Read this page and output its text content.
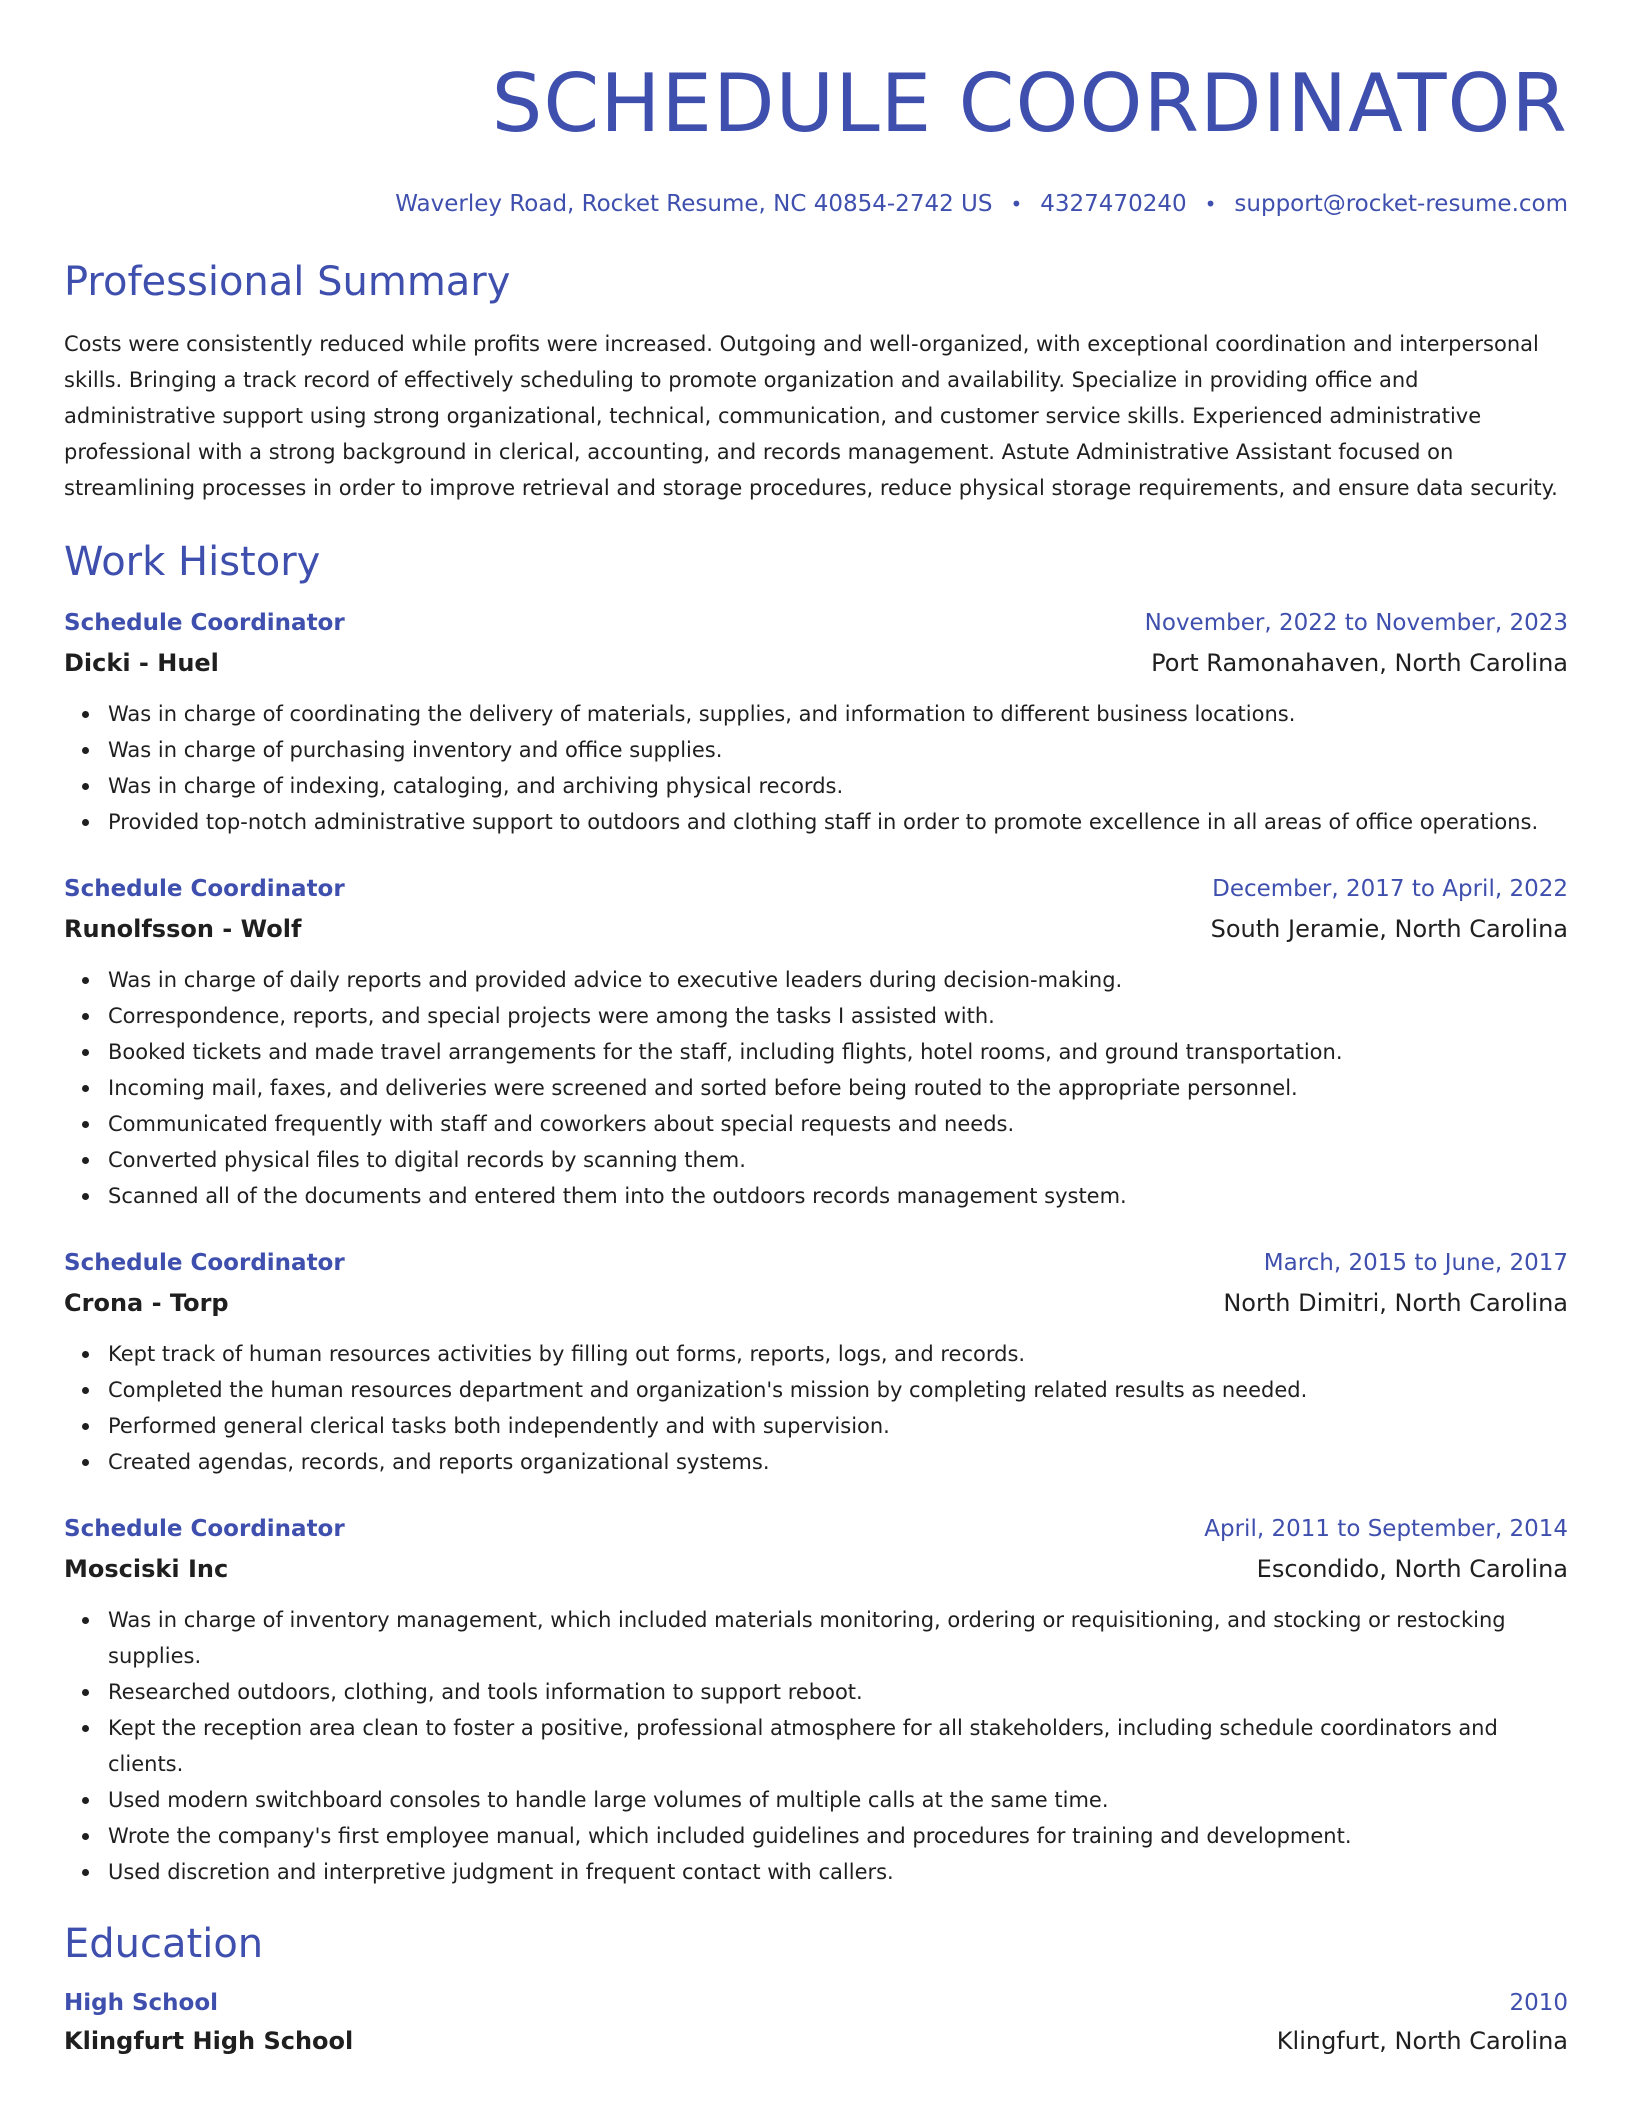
SCHEDULE COORDINATOR
Waverley Road, Rocket Resume, NC 40854-2742 US • 4327470240 • support@rocket-resume.com
Professional Summary
Costs were consistently reduced while profits were increased. Outgoing and well-organized, with exceptional coordination and interpersonal skills. Bringing a track record of effectively scheduling to promote organization and availability. Specialize in providing office and administrative support using strong organizational, technical, communication, and customer service skills. Experienced administrative professional with a strong background in clerical, accounting, and records management. Astute Administrative Assistant focused on streamlining processes in order to improve retrieval and storage procedures, reduce physical storage requirements, and ensure data security.
Work History
Schedule Coordinator	November, 2022 to November, 2023
Dicki - Huel	Port Ramonahaven, North Carolina
Was in charge of coordinating the delivery of materials, supplies, and information to different business locations.
Was in charge of purchasing inventory and office supplies.
Was in charge of indexing, cataloging, and archiving physical records.
Provided top-notch administrative support to outdoors and clothing staff in order to promote excellence in all areas of office operations.
Schedule Coordinator	December, 2017 to April, 2022
Runolfsson - Wolf	South Jeramie, North Carolina
Was in charge of daily reports and provided advice to executive leaders during decision-making.
Correspondence, reports, and special projects were among the tasks I assisted with.
Booked tickets and made travel arrangements for the staff, including flights, hotel rooms, and ground transportation.
Incoming mail, faxes, and deliveries were screened and sorted before being routed to the appropriate personnel.
Communicated frequently with staff and coworkers about special requests and needs.
Converted physical files to digital records by scanning them.
Scanned all of the documents and entered them into the outdoors records management system.
Schedule Coordinator	March, 2015 to June, 2017
Crona - Torp	North Dimitri, North Carolina
Kept track of human resources activities by filling out forms, reports, logs, and records.
Completed the human resources department and organization's mission by completing related results as needed.
Performed general clerical tasks both independently and with supervision.
Created agendas, records, and reports organizational systems.
Schedule Coordinator	April, 2011 to September, 2014
Mosciski Inc	Escondido, North Carolina
Was in charge of inventory management, which included materials monitoring, ordering or requisitioning, and stocking or restocking supplies.
Researched outdoors, clothing, and tools information to support reboot.
Kept the reception area clean to foster a positive, professional atmosphere for all stakeholders, including schedule coordinators and clients.
Used modern switchboard consoles to handle large volumes of multiple calls at the same time.
Wrote the company's first employee manual, which included guidelines and procedures for training and development.
Used discretion and interpretive judgment in frequent contact with callers.
Education
High School	2010
Klingfurt High School	Klingfurt, North Carolina
